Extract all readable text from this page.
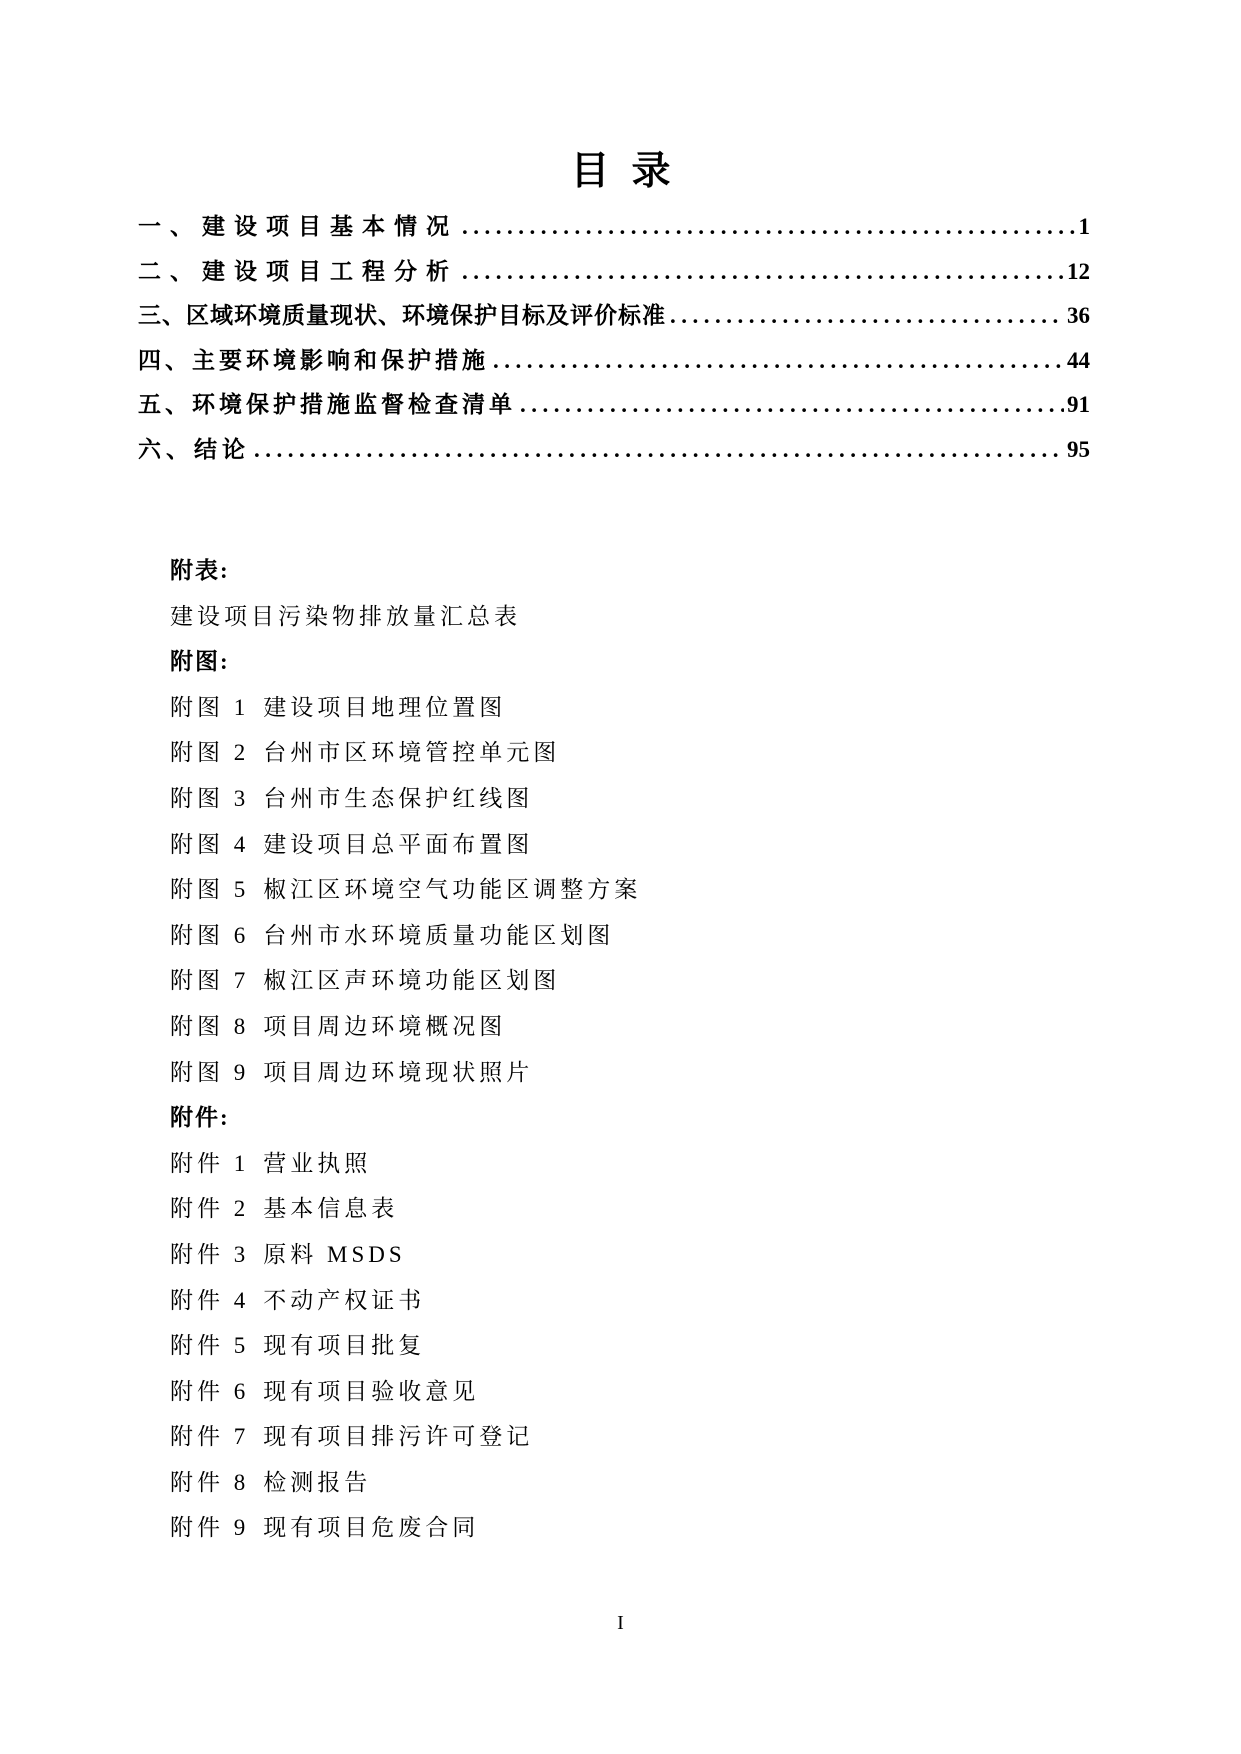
目录
一、建设项目基本情况 .....	1
二、建设项目工程分析 .....	12
三、区域环境质量现状、环境保护目标及评价标准 .....	36
四、主要环境影响和保护措施 .....	44
五、环境保护措施监督检查清单 .....	91
六、结论 .....	95
附表:
建设项目污染物排放量汇总表
附图:
附图 1 建设项目地理位置图
附图 2 台州市区环境管控单元图
附图 3 台州市生态保护红线图
附图 4 建设项目总平面布置图
附图 5 椒江区环境空气功能区调整方案
附图 6 台州市水环境质量功能区划图
附图 7 椒江区声环境功能区划图
附图 8 项目周边环境概况图
附图 9 项目周边环境现状照片
附件:
附件 1 营业执照
附件 2 基本信息表
附件 3 原料 MSDS
附件 4 不动产权证书
附件 5 现有项目批复
附件 6 现有项目验收意见
附件 7 现有项目排污许可登记
附件 8 检测报告
附件 9 现有项目危废合同
I
